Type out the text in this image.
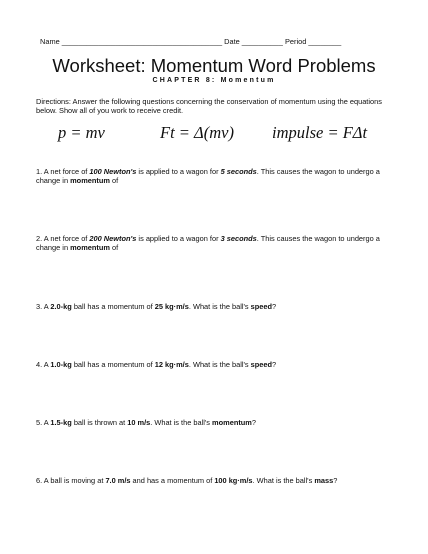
Name _______________________________________ Date __________ Period ________
Worksheet: Momentum Word Problems
CHAPTER 8: Momentum
Directions: Answer the following questions concerning the conservation of momentum using the equations below. Show all of you work to receive credit.
p = mv	Ft = Δ(mv) impulse = FΔt
1. A net force of 100 Newton's is applied to a wagon for 5 seconds. This causes the wagon to undergo a change in momentum of
2. A net force of 200 Newton's is applied to a wagon for 3 seconds. This causes the wagon to undergo a change in momentum of
3. A 2.0-kg ball has a momentum of 25 kg·m/s. What is the ball's speed?
4. A 1.0-kg ball has a momentum of 12 kg·m/s. What is the ball's speed?
5. A 1.5-kg ball is thrown at 10 m/s. What is the ball's momentum?
6. A ball is moving at 7.0 m/s and has a momentum of 100 kg·m/s. What is the ball's mass?
